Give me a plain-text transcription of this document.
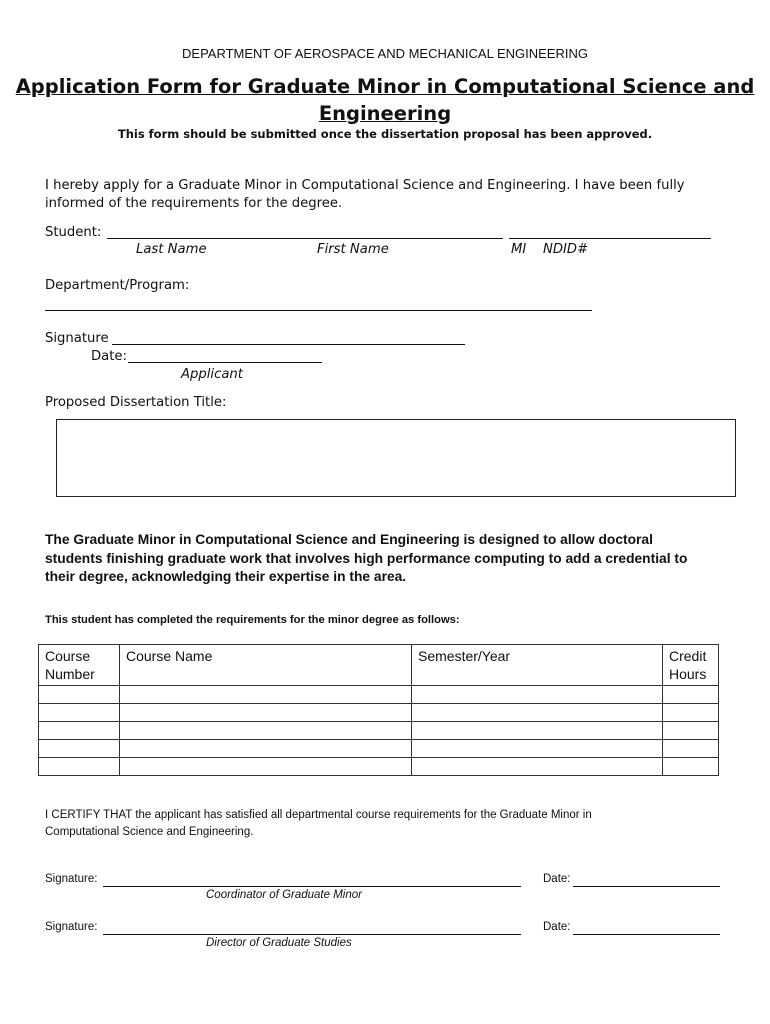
DEPARTMENT OF AEROSPACE AND MECHANICAL ENGINEERING
Application Form for Graduate Minor in Computational Science and Engineering
This form should be submitted once the dissertation proposal has been approved.
I hereby apply for a Graduate Minor in Computational Science and Engineering. I have been fully
informed of the requirements for the degree.
Student:
Last Name	First Name	MI NDID#
Department/Program:
Signature
Date:
Applicant
Proposed Dissertation Title:
The Graduate Minor in Computational Science and Engineering is designed to allow doctoral
students finishing graduate work that involves high performance computing to add a credential to
their degree, acknowledging their expertise in the area.
This student has completed the requirements for the minor degree as follows:
Course
Number	Course Name	Semester/Year	Credit
Hours

I CERTIFY THAT the applicant has satisfied all departmental course requirements for the Graduate Minor in
Computational Science and Engineering.
Signature:	Date:
Coordinator of Graduate Minor
Signature:	Date:
Director of Graduate Studies
